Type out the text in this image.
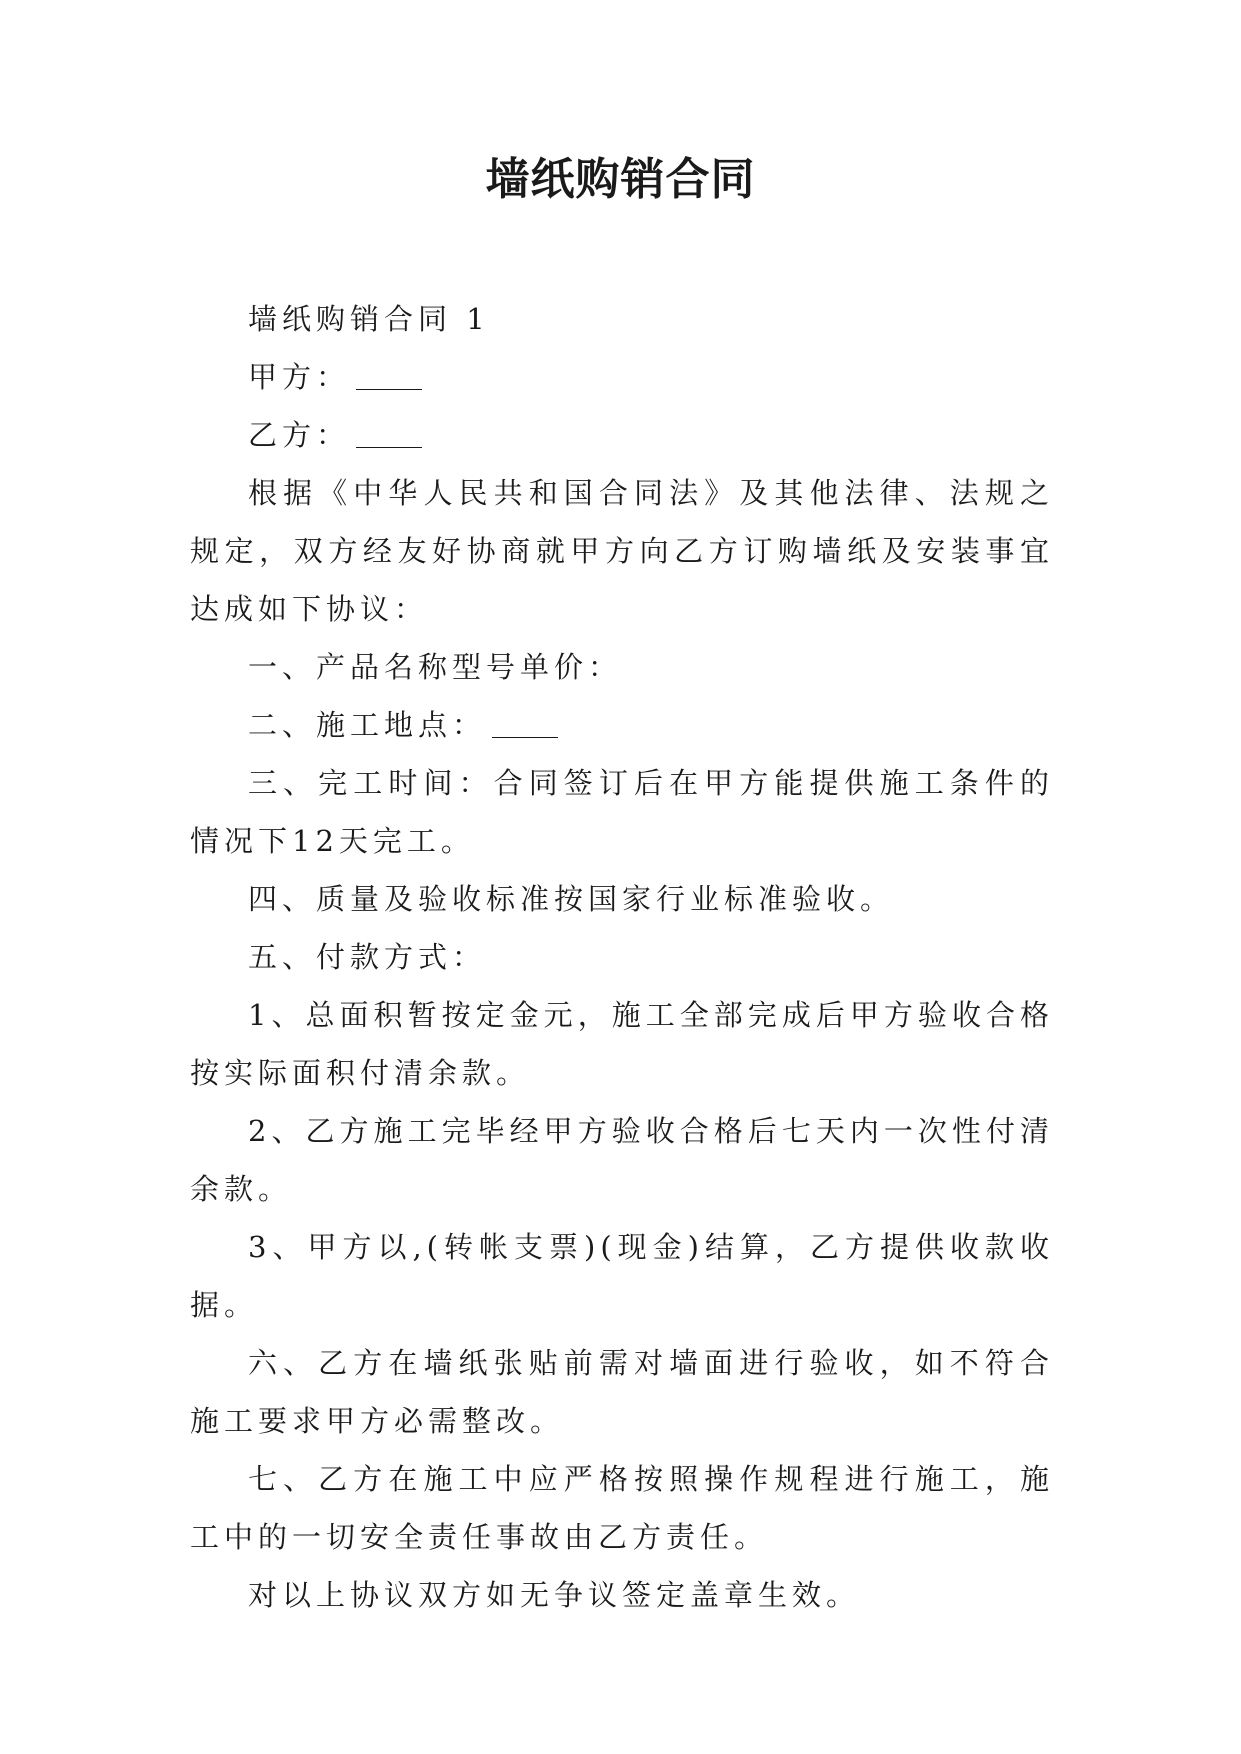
墙纸购销合同

墙纸购销合同 1

甲方：

乙方：

根据《中华人民共和国合同法》及其他法律、法规之规定，双方经友好协商就甲方向乙方订购墙纸及安装事宜达成如下协议：

一、产品名称型号单价：

二、施工地点：

三、完工时间：合同签订后在甲方能提供施工条件的情况下12天完工。

四、质量及验收标准按国家行业标准验收。

五、付款方式：

1、总面积暂按定金元，施工全部完成后甲方验收合格按实际面积付清余款。

2、乙方施工完毕经甲方验收合格后七天内一次性付清余款。

3、甲方以,(转帐支票)(现金)结算，乙方提供收款收据。

六、乙方在墙纸张贴前需对墙面进行验收，如不符合施工要求甲方必需整改。

七、乙方在施工中应严格按照操作规程进行施工，施工中的一切安全责任事故由乙方责任。

对以上协议双方如无争议签定盖章生效。
